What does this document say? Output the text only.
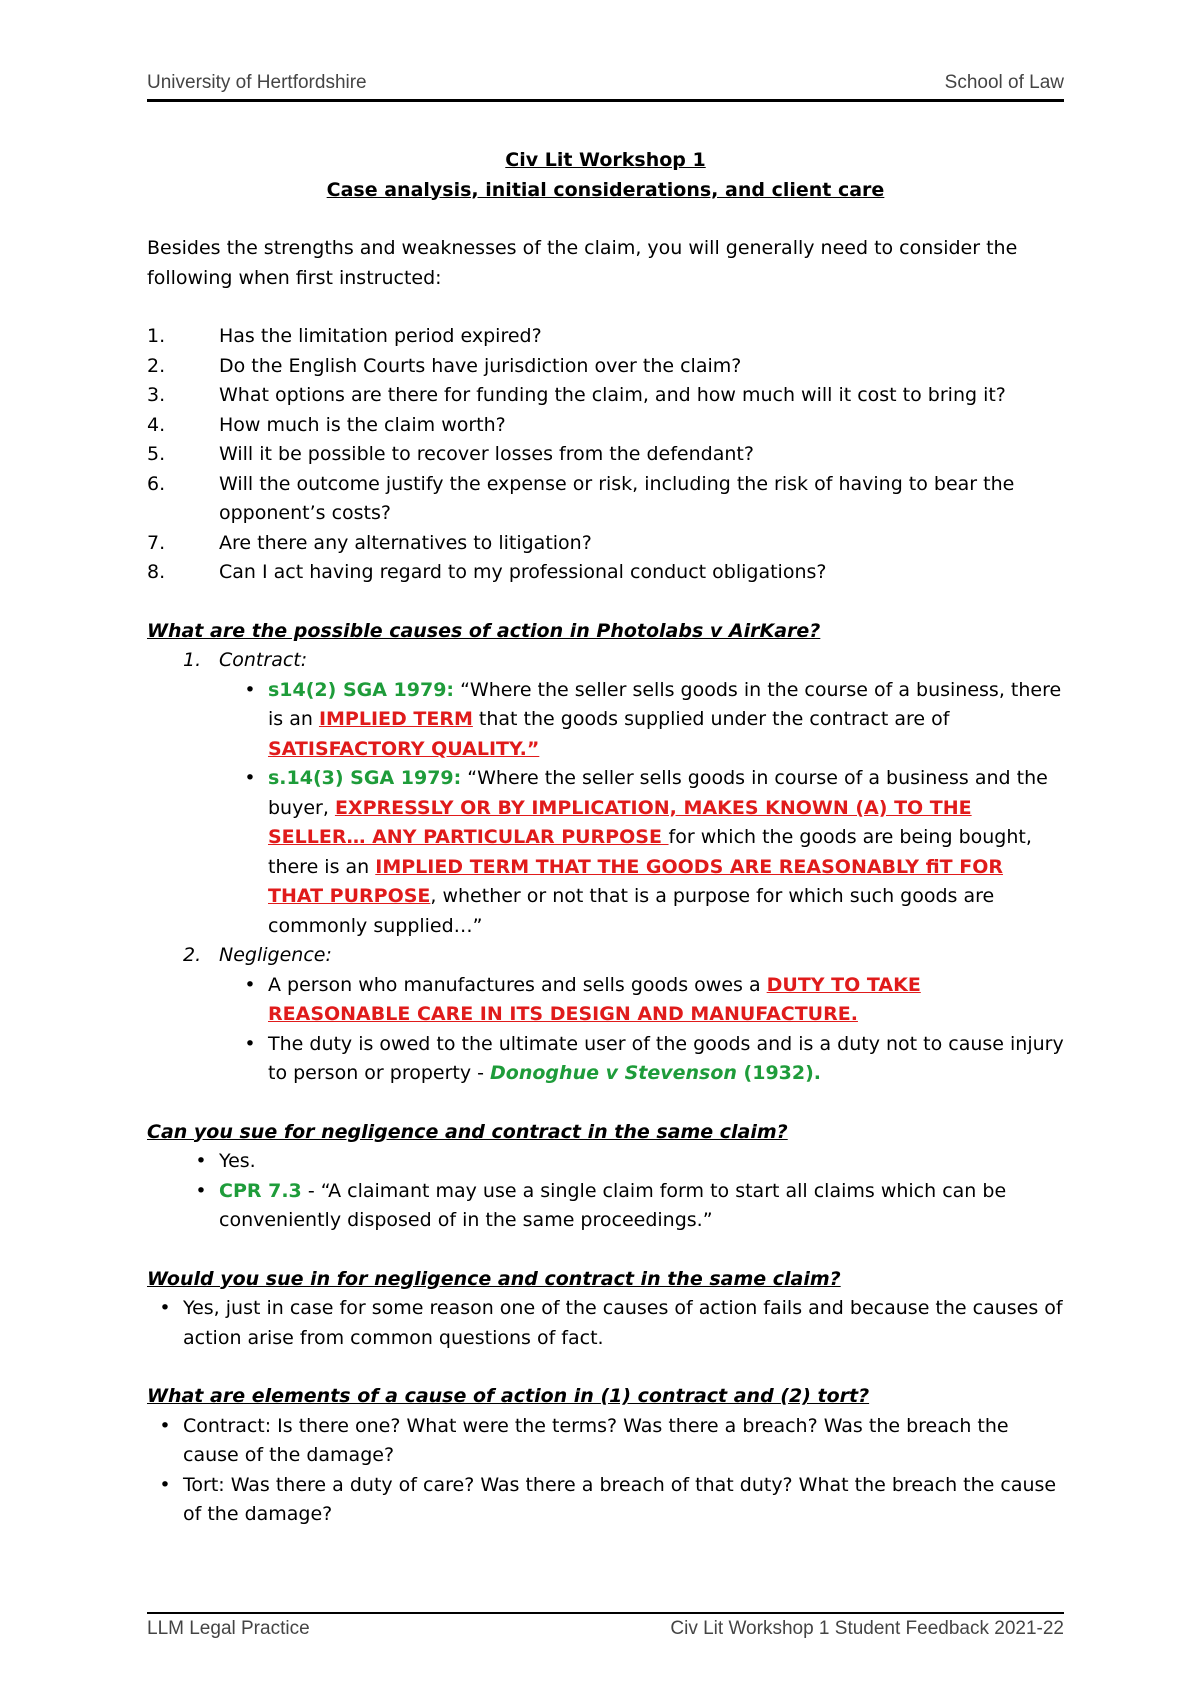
University of Hertfordshire	School of Law

Civ Lit Workshop 1

Case analysis, initial considerations, and client care

Besides the strengths and weaknesses of the claim, you will generally need to consider the following when first instructed:

1.	Has the limitation period expired?
2.	Do the English Courts have jurisdiction over the claim?
3.	What options are there for funding the claim, and how much will it cost to bring it?
4.	How much is the claim worth?
5.	Will it be possible to recover losses from the defendant?
6.	Will the outcome justify the expense or risk, including the risk of having to bear the opponent’s costs?
7.	Are there any alternatives to litigation?
8.	Can I act having regard to my professional conduct obligations?

What are the possible causes of action in Photolabs v AirKare?

1. Contract:
• s14(2) SGA 1979: “Where the seller sells goods in the course of a business, there is an IMPLIED TERM that the goods supplied under the contract are of SATISFACTORY QUALITY.”
• s.14(3) SGA 1979: “Where the seller sells goods in course of a business and the buyer, EXPRESSLY OR BY IMPLICATION, MAKES KNOWN (A) TO THE SELLER… ANY PARTICULAR PURPOSE for which the goods are being bought, there is an IMPLIED TERM THAT THE GOODS ARE REASONABLY fiT FOR THAT PURPOSE, whether or not that is a purpose for which such goods are commonly supplied…”
2. Negligence:
• A person who manufactures and sells goods owes a DUTY TO TAKE REASONABLE CARE IN ITS DESIGN AND MANUFACTURE.
• The duty is owed to the ultimate user of the goods and is a duty not to cause injury to person or property - Donoghue v Stevenson (1932).

Can you sue for negligence and contract in the same claim?

• Yes.
• CPR 7.3 - “A claimant may use a single claim form to start all claims which can be conveniently disposed of in the same proceedings.”

Would you sue in for negligence and contract in the same claim?

• Yes, just in case for some reason one of the causes of action fails and because the causes of action arise from common questions of fact.

What are elements of a cause of action in (1) contract and (2) tort?

• Contract: Is there one? What were the terms? Was there a breach? Was the breach the cause of the damage?
• Tort: Was there a duty of care? Was there a breach of that duty? What the breach the cause of the damage?
LLM Legal Practice	Civ Lit Workshop 1 Student Feedback 2021-22
